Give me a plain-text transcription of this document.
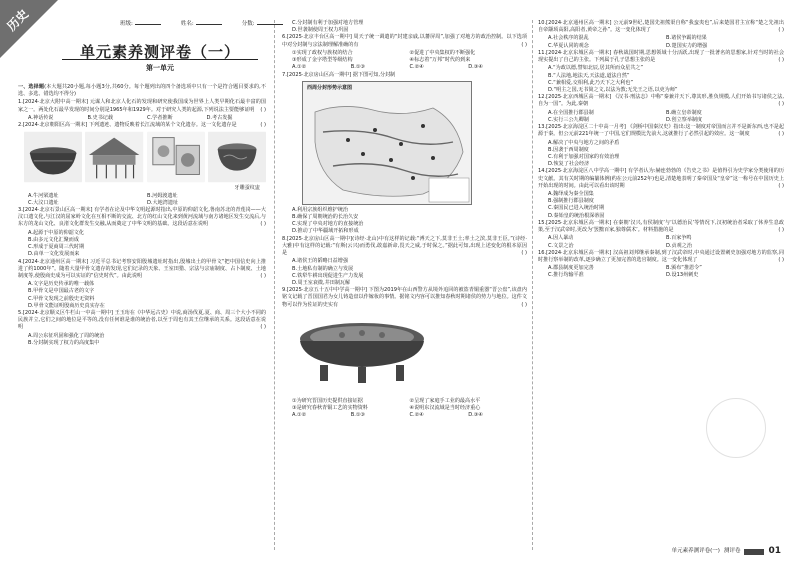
历史	班级:	姓名:	分数:
单元素养测评卷（一）
第一单元
一、选择题(本大题共20小题,每小题3分,共60分。每个题列出的四个备选项中只有一个是符合题目要求的,不选、多选、错选均不得分)
1.[2024·北京大附中高一期末] 元谋人和北京人化石的发现和研究使我国成为世界上人类早期化石最丰富的国家之一。两处化石最早发现的时间分别是1965年和1929年。对于研究人类的起源,下列说法主要能够证明 ( )
A.神话传说	B.史书记载	C.学者推断	D.考古发掘
2.[2024·北京朝阳区高一期末] 下列遗迹、遗物反映着长江流域的某个文化遗存。这一文化遗存是	( )
牙雕蚕纹盅
A.牛河梁遗址	B.河姆渡遗址
C.大汶口遗址	D.大地湾遗址
3.[2024·北京石景山区高一期末] 有学者在论及中华文明起源时指出,中原的仰韶文化,鲁南苏北的青莲岗——大汶口遗文化,与江汉的屈家岭文化在互相不断的交流、北方的红山文化来到黄河流域与南方诸地区发生交流后,与东方的龙山文化、良渚文化群发生交融,从而奠定了中华文明的基础。这段话意在说明	( )
A.起源于中原的仰韶文化
B.由多元文化汇聚而成
C.形成于夏商周三代时期
D.由单一文化发展而来
4.[2024·北京通州区高一期末] 习近平总书记考察安阳殷墟遗址时指出,殷墟出土的甲骨文“把中国信史向上推进了约1000年”。随着大量甲骨文遗存的发现,它们记录的天象、王室田猎、宗法与宗庙制度、占卜制度、土地制度等,使殷商史成为可以实证的“信史时代”。由此说明	( )
A.文字是历史传承的唯一载体
B.甲骨文是中国最古老的文字
C.甲骨文发现之前殷史无资料
D.甲骨文能证明殷商历史真实存在
5.[2024·北京顺义区牛栏山一中高一期中] 王玉珩在《中华远古史》中说,商汤伐夏,夏、商、周三个大小不同的民族并立,它们之间的地位是平等的,没有任何谁是谁的统治者,以至于周也有其王位继承的关系。这段话意在说明	( )
A.周公东征巩固和强化了周的统治
B.分封制实现了权力的高度集中
C.分封制有利于加强对地方管理
D.世袭制使周王权力巩固
6.[2025·北京丰台区高一期中] 周天子统一调遣的“封建亲戚,以蕃屏周”,加强了对地方的政治控制。以下选项中对分封制与宗法制理解准确的有	( )
①实现了政权与族权的结合	②促进了中央集权的不断强化
③形成了金字塔型等级结构	④标志着“万邦”时代的到来
A.①②	B.①③	C.②④	D.③④
7.[2025·北京房山区高一期中] 据下图可知,分封制
西周分封形势示意图
A.利用宗族组织维护统治
B.确保了周朝统治的长治久安
C.实现了中央对地方的直接统治
D.推动了中华疆域开拓和形成
8.[2025·北京房山区高一期中](诗经·北山)中有这样的记载:“溥天之下,莫非王土;率土之滨,莫非王臣。”(诗经·大雅)中有这样的记载:“有斯(云兴)而勇伐,敢嘉新命,畏天之威,于时保之。”据此可知,出现上述变化的根本原因是	( )
A.诸侯王的韬略日益增强
B.土地私有制的确立与发展
C.铁犁牛耕出现促进生产力发展
D.周王室衰微,井田制瓦解
9.[2025·北京五十五中中学高一期中] 下图为2019年在山西警方从境外追回的被盗青铜重器“晋公盘”,该盘内铭文记载了晋国国君为女儿铸造盘以作嫁妆的事情。据铭文内容可以推知春秋时期诸侯的势力与地位。这件文物可以作为佐证的史实有	( )
①为研究晋国历史提供直接证据	②呈现了家庭手工业的最高水平
③是研究春秋青铜工艺的实物资料	④说明东汉流域是当时经济重心
A.①②	B.①③	C.②④	D.③④
10.[2024·北京通州区高一期末] 公元前9世纪,楚国先祖熊渠自称“我蛮夷也”,后来楚国君主宣称“楚之先祖出自帝颛顼高阳,高阳者,黄帝之孙”。这一变化体现了	( )
A.社会秩序的混乱	B.诸侯争霸的结果
C.华夏认同的观念	D.楚国实力的增强
11.[2024·北京东城区高一期末] 春秋战国时期,思想领域十分活跃,出现了一批著名的思想家,针对当时的社会现实提出了自己的主张。下列属于孔子思想主张的是	( )
A.“为政以德,譬如北辰,居其所而众星共之”
B.“人法地,地法天,天法道,道法自然”
C.“兼相爱,交相利,此乃天下之大利也”
D.“明主之国,无书简之文,以法为教;无先王之语,以吏为师”
12.[2025·北京西城区高一期末] 《汉书·刑法志》中称“秦兼并天下,尊其形,胜负规模,人们开始书写诸侯之法,自为一国”。为此,秦朝	( )
A.在全国推行郡县制	B.确立皇帝制度
C.实行三公九卿制	D.创立察举制度
13.[2025·北京海淀区二十中高一月考] 《剑桥中国秦汉史》指出:这一制度对帝国而言并不是新东西,也不是起源于秦。但公元前221年统一了中国,它们规模比先前大,这就推行了必然引起的效应。这一制度	( )
A.解决了中央与地方之间的矛盾
B.因袭于西周制度
C.有利于加强对国家的有效治理
D.恢复了社会经济
14.[2025·北京海淀区八中学高一期中] 有学者认为:赫连勃勃的《告史之书》是值得引为史学家分类使用的历史文献。其有关时期的编纂体例(约在公元前252年)也是,清楚地表明了秦帝国及“皇帝”这一称号在中国历史上开始出现的时间。由此可以看出该时期	( )
A.魏绎成为秦全国集
B.强制推行郡县制度
C.秦国民已进入统治时期
D.秦始皇的统治根深蒂固
15.[2025·北京东城区高一期末] 在秦朝‘汉兴,有侯制度’与‘以德治民’等情况下,汉初统治者采取了休养生息政策,至于汉武帝时,更改为‘罢黜百家,独尊儒术’。材料措施的是	( )
A.因人暴动	B.百家争鸣
C.文景之治	D.贞观之治
16.[2024·北京东城区高一期末] 汉高祖刘邦继承秦制,到了汉武帝时,中央通过设置刺史加强对地方的监察,同时推行察举制的改革,逐步确立了更加完善的选官制度。这一变化体现了	( )
A.郡县制度更加完善	B.颁布“推恩令”
C.推行均输平准	D.设13州刺史
单元素养测评卷(一) 测评卷	01
